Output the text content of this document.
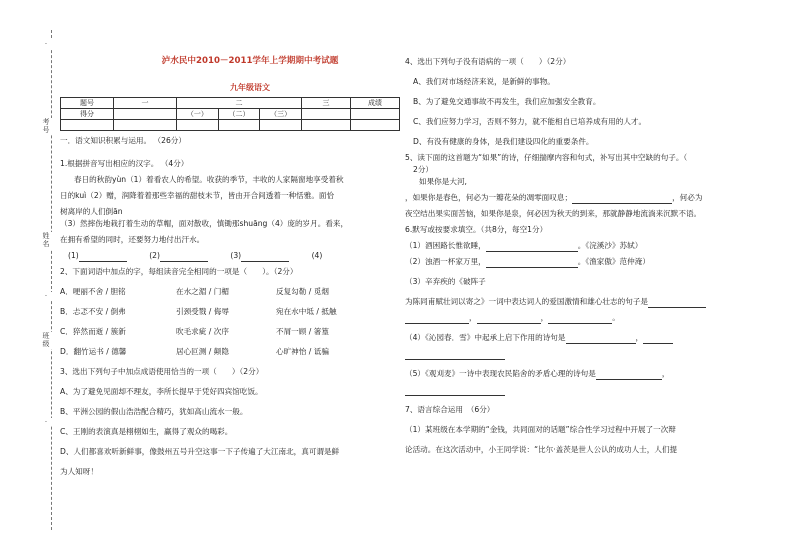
·
考号
姓名
·
班级
·
泸水民中2010－2011学年上学期期中考试题
九年级语文
题号	一	二			三	成绩
得分		（一）	（二）	（三）		

一．语文知识积累与运用。 （26分）
1.根据拼音写出相应的汉字。 （4分）
春日的秋韵yùn（1）着看农人的希望。收获的季节，丰收的人家隔窗地享受着秋
日的kuì（2）赠，润降着着那些幸福的甜枝未节，皆由开合间透着一种恬雅。面恰
树离岸的人们倒ān
（3）然摔伤地栽打着生动的草帽，面对散收，慎锄那shuāng（4）庞的岁月。看来，
在拥有希望的同时，还要努力地付出汗水。
(1)	(2)	(3)	(4)
2、下面词语中加点的字，每组读音完全相同的一项是（　　）。（2分）
A．哽丽不舍 / 胆铭	在水之湄 / 门楣	反复勾勒 / 觅烟
B．忐忑不安 / 倒弗	引颈受戮 / 侮辱	宛在水中坻 / 抵触
C．猝然而逝 / 簇新	吹毛求疵 / 次序	不屑一顾 / 箸篁
D．翻竹运书 / 德馨	居心叵测 / 颠隐	心旷神怡 / 诋骗
3、选出下列句子中加点成语使用恰当的一项（　　）（2分）
A、为了避免见面却不理友，李所长提早于凭好四宾馆吃饭。
B、平洲公园的假山浩浩配合精巧，犹如高山流水一般。
C、王刚的表演真是栩栩如生，赢得了观众的喝彩。
D、人们都喜欢听新鲜事，像鼓州五号升空这事一下子传遍了大江南北，真可谓是鲜
为人知呀！
4、选出下列句子没有语病的一项（　　）（2分）
A、我们对市场经济来说，是新鲜的事物。
B、为了避免交通事故不再发生，我们应加强安全教育。
C、我们应努力学习，否则不努力，就不能相自已培养成有用的人才。
D、有没有健康的身体，是我们建设四化的重要条件。
5、读下面的这首题为“如果”的诗，仔细揣摩内容和句式，补写出其中空缺的句子。（
2分）
如果你是大河,
，如果你是春色，何必为一瓣花朵的凋零面叹息；	，何必为
夜空结出果实面苦恼，如果你是泉，何必因为秋天的到来，那就静静地流淌来沉默不语。
6.默写或按要求填空。（共8分，每空1分）
（1）酒困路长惟欲睡，	。《浣溪沙》苏轼）
（2）浊酒一杯家万里，	。《渔家傲》范仲淹）
（3）辛弃疾的《破阵子
为陈同甫赋壮词以寄之》一词中表达词人的爱国激情和雄心壮志的句子是
，	，	。
（4）《沁园春．雪》中起承上启下作用的诗句是	，
（5）《观刈麦》一诗中表现农民陷舍的矛盾心理的诗句是	，
7、语言综合运用　（6分）
（1）某班级在本学期的“金钱，共同面对的话题”综合性学习过程中开展了一次辩
论活动。在这次活动中，小王同学说：“比尔·盖茨是世人公认的成功人士，人们提
